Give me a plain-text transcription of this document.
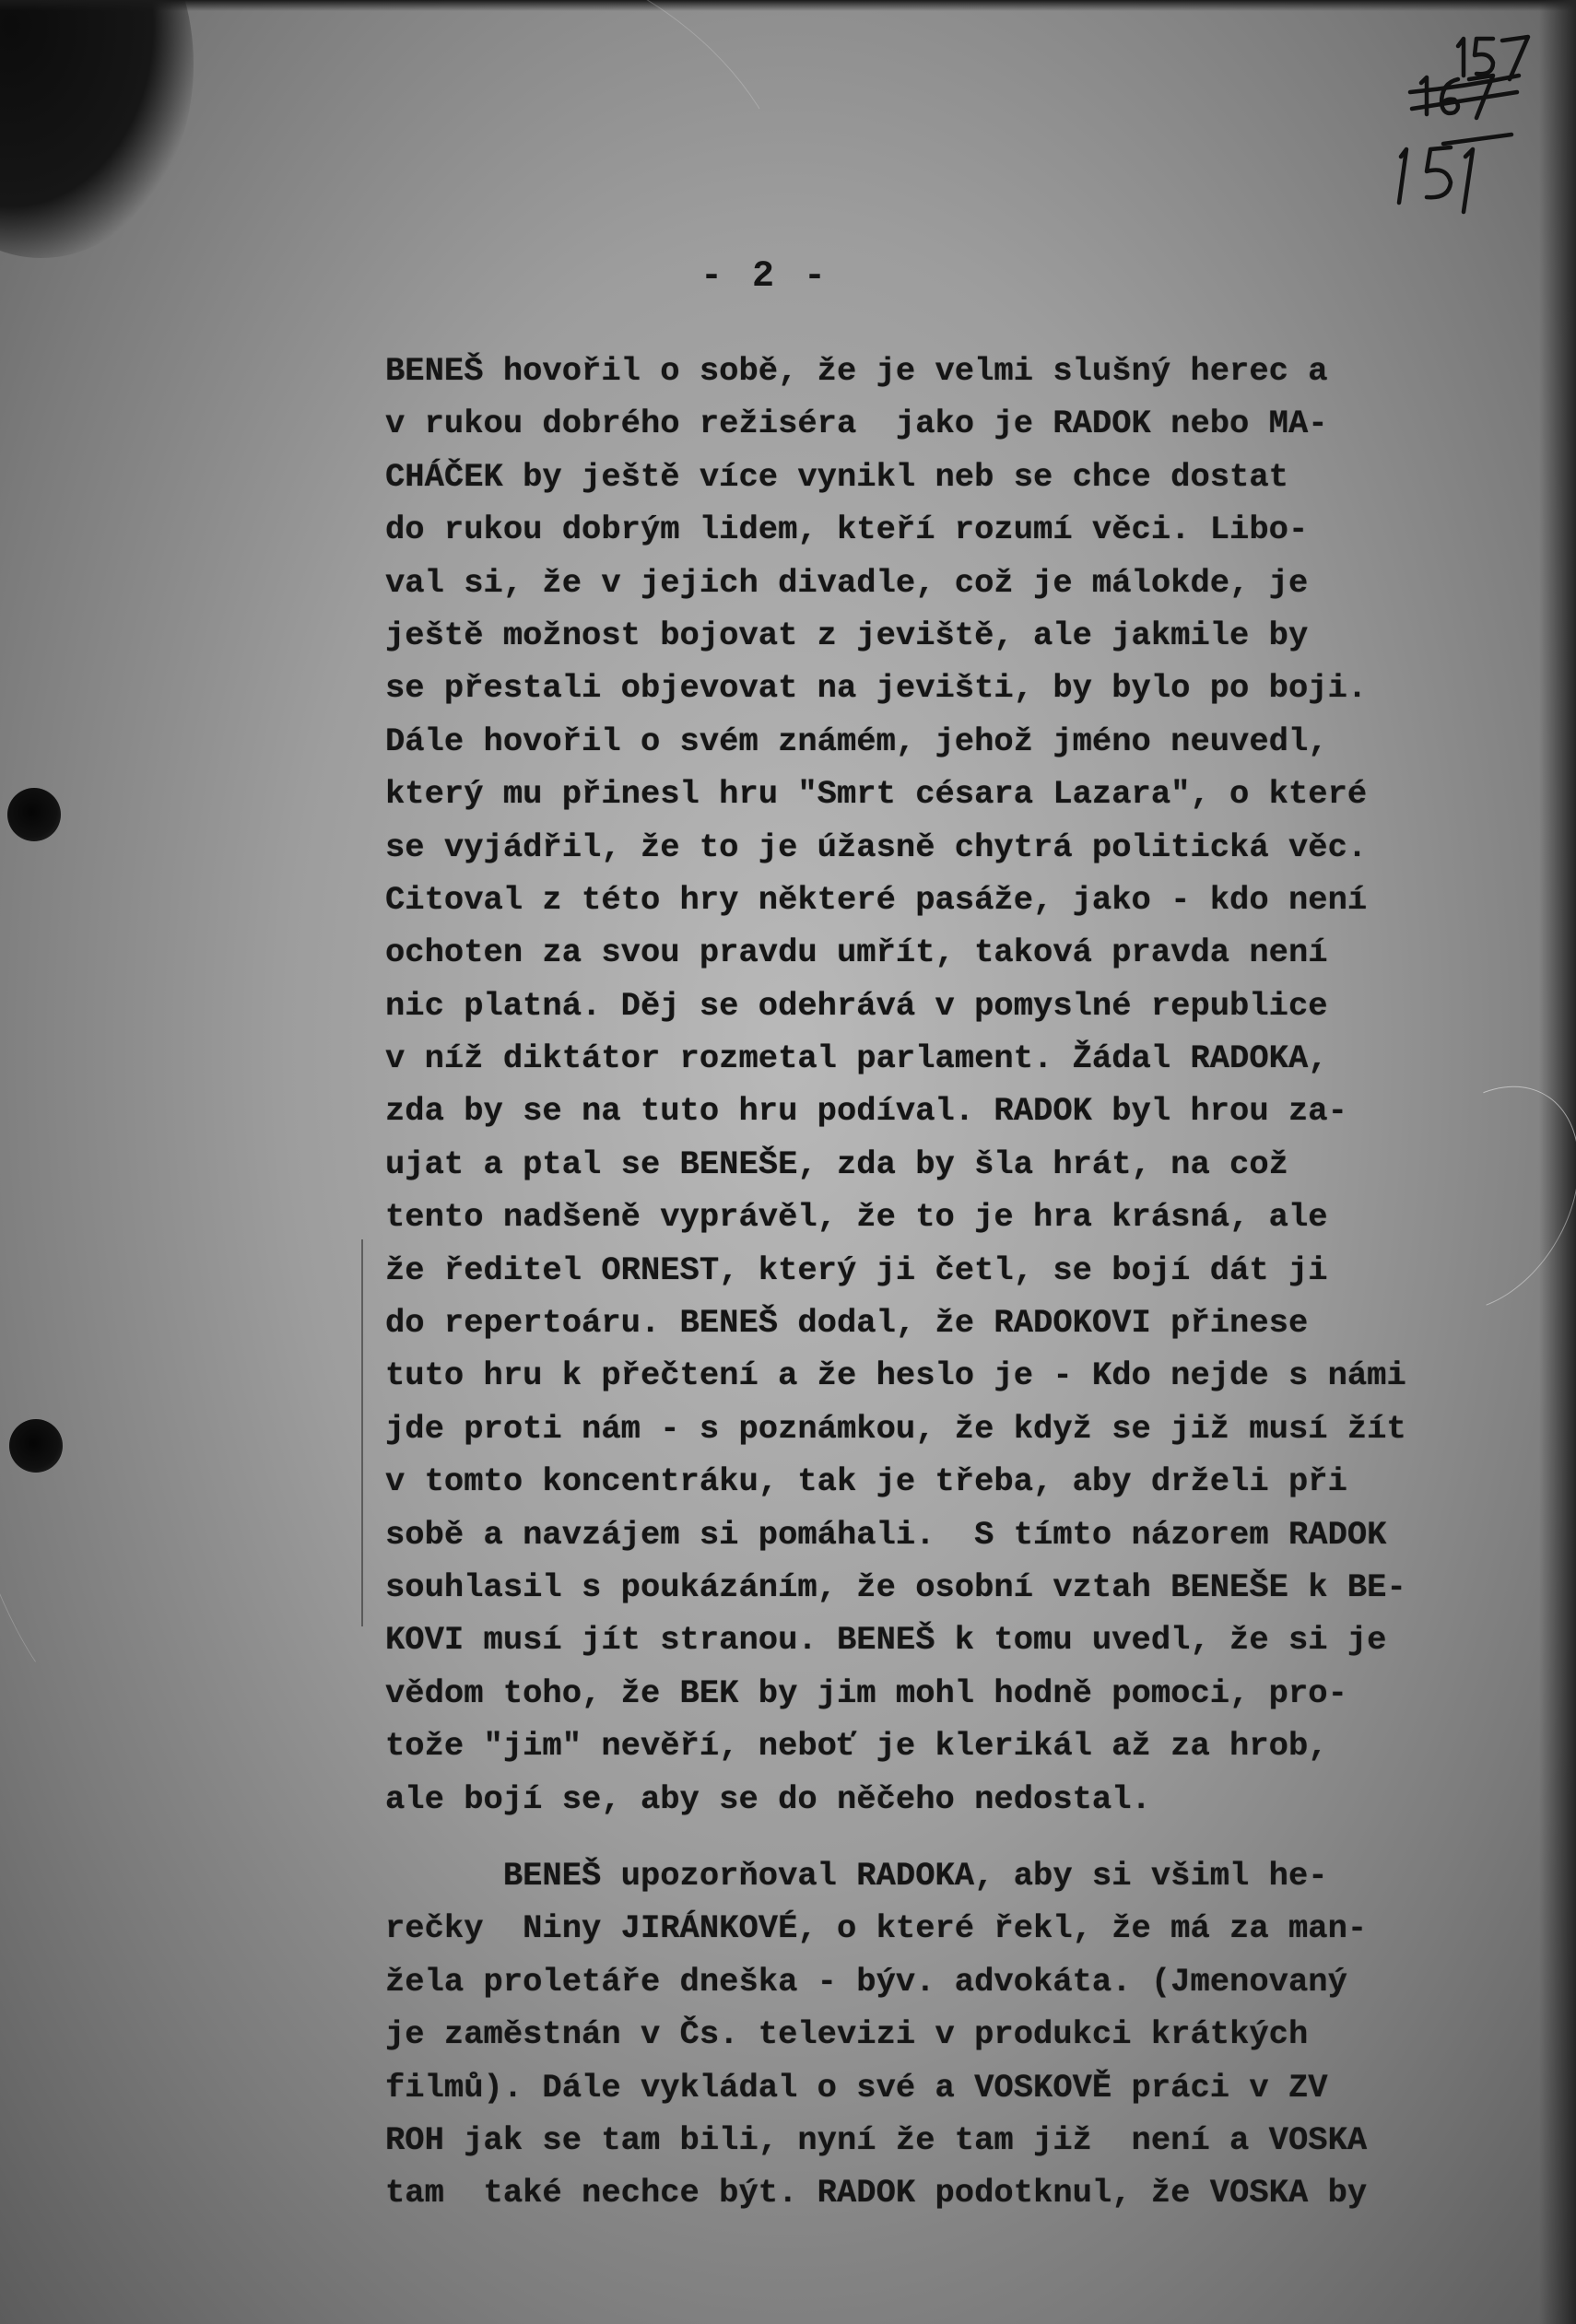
- 2 -
BENEŠ hovořil o sobě, že je velmi slušný herec a
v rukou dobrého režiséra  jako je RADOK nebo MA-
CHÁČEK by ještě více vynikl neb se chce dostat
do rukou dobrým lidem, kteří rozumí věci. Libo-
val si, že v jejich divadle, což je málokde, je
ještě možnost bojovat z jeviště, ale jakmile by
se přestali objevovat na jevišti, by bylo po boji.
Dále hovořil o svém známém, jehož jméno neuvedl,
který mu přinesl hru "Smrt césara Lazara", o které
se vyjádřil, že to je úžasně chytrá politická věc.
Citoval z této hry některé pasáže, jako - kdo není
ochoten za svou pravdu umřít, taková pravda není
nic platná. Děj se odehrává v pomyslné republice
v níž diktátor rozmetal parlament. Žádal RADOKA,
zda by se na tuto hru podíval. RADOK byl hrou za-
ujat a ptal se BENEŠE, zda by šla hrát, na což
tento nadšeně vyprávěl, že to je hra krásná, ale
že ředitel ORNEST, který ji četl, se bojí dát ji
do repertoáru. BENEŠ dodal, že RADOKOVI přinese
tuto hru k přečtení a že heslo je - Kdo nejde s námi
jde proti nám - s poznámkou, že když se již musí žít
v tomto koncentráku, tak je třeba, aby drželi při
sobě a navzájem si pomáhali.  S tímto názorem RADOK
souhlasil s poukázáním, že osobní vztah BENEŠE k BE-
KOVI musí jít stranou. BENEŠ k tomu uvedl, že si je
vědom toho, že BEK by jim mohl hodně pomoci, pro-
tože "jim" nevěří, neboť je klerikál až za hrob,
ale bojí se, aby se do něčeho nedostal.
BENEŠ upozorňoval RADOKA, aby si všiml he-
rečky  Niny JIRÁNKOVÉ, o které řekl, že má za man-
žela proletáře dneška - býv. advokáta. (Jmenovaný
je zaměstnán v Čs. televizi v produkci krátkých
filmů). Dále vykládal o své a VOSKOVĚ práci v ZV
ROH jak se tam bili, nyní že tam již  není a VOSKA
tam  také nechce být. RADOK podotknul, že VOSKA by
